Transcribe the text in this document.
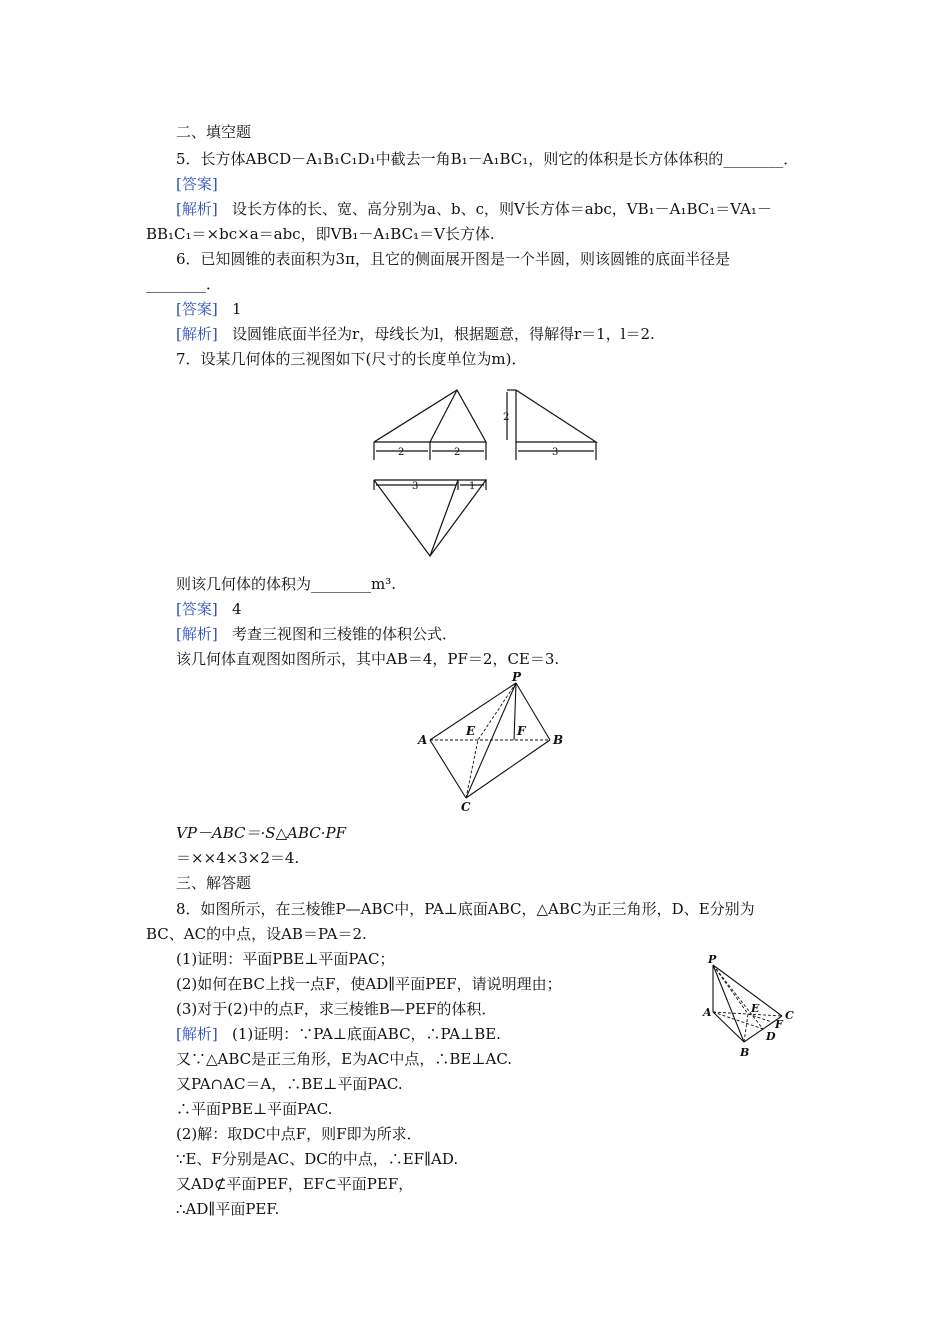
二、填空题
5．长方体ABCD－A₁B₁C₁D₁中截去一角B₁－A₁BC₁，则它的体积是长方体体积的________．
[答案]
[解析] 设长方体的长、宽、高分别为a、b、c，则V长方体＝abc，VB₁－A₁BC₁＝VA₁－
BB₁C₁＝×bc×a＝abc，即VB₁－A₁BC₁＝V长方体.
6．已知圆锥的表面积为3π，且它的侧面展开图是一个半圆，则该圆锥的底面半径是
________．
[答案] 1
[解析] 设圆锥底面半径为r，母线长为l，根据题意，得解得r＝1，l＝2.
7．设某几何体的三视图如下(尺寸的长度单位为m)．
2	2
2
3
3	1
则该几何体的体积为________m³.
[答案] 4
[解析] 考查三视图和三棱锥的体积公式．
该几何体直观图如图所示，其中AB＝4，PF＝2，CE＝3.
P
A	B
C
E	F
VP－ABC＝·S△ABC·PF
＝××4×3×2＝4.
三、解答题
8．如图所示，在三棱锥P—ABC中，PA⊥底面ABC，△ABC为正三角形，D、E分别为
BC、AC的中点，设AB＝PA＝2.
(1)证明：平面PBE⊥平面PAC；
(2)如何在BC上找一点F，使AD∥平面PEF，请说明理由；
(3)对于(2)中的点F，求三棱锥B—PEF的体积．
[解析] (1)证明：∵PA⊥底面ABC，∴PA⊥BE.
又∵△ABC是正三角形，E为AC中点，∴BE⊥AC.
又PA∩AC＝A，∴BE⊥平面PAC.
∴平面PBE⊥平面PAC.
(2)解：取DC中点F，则F即为所求．
∵E、F分别是AC、DC的中点，∴EF∥AD.
又AD⊄平面PEF，EF⊂平面PEF，
∴AD∥平面PEF.
P
A
B
C
D
E
F
